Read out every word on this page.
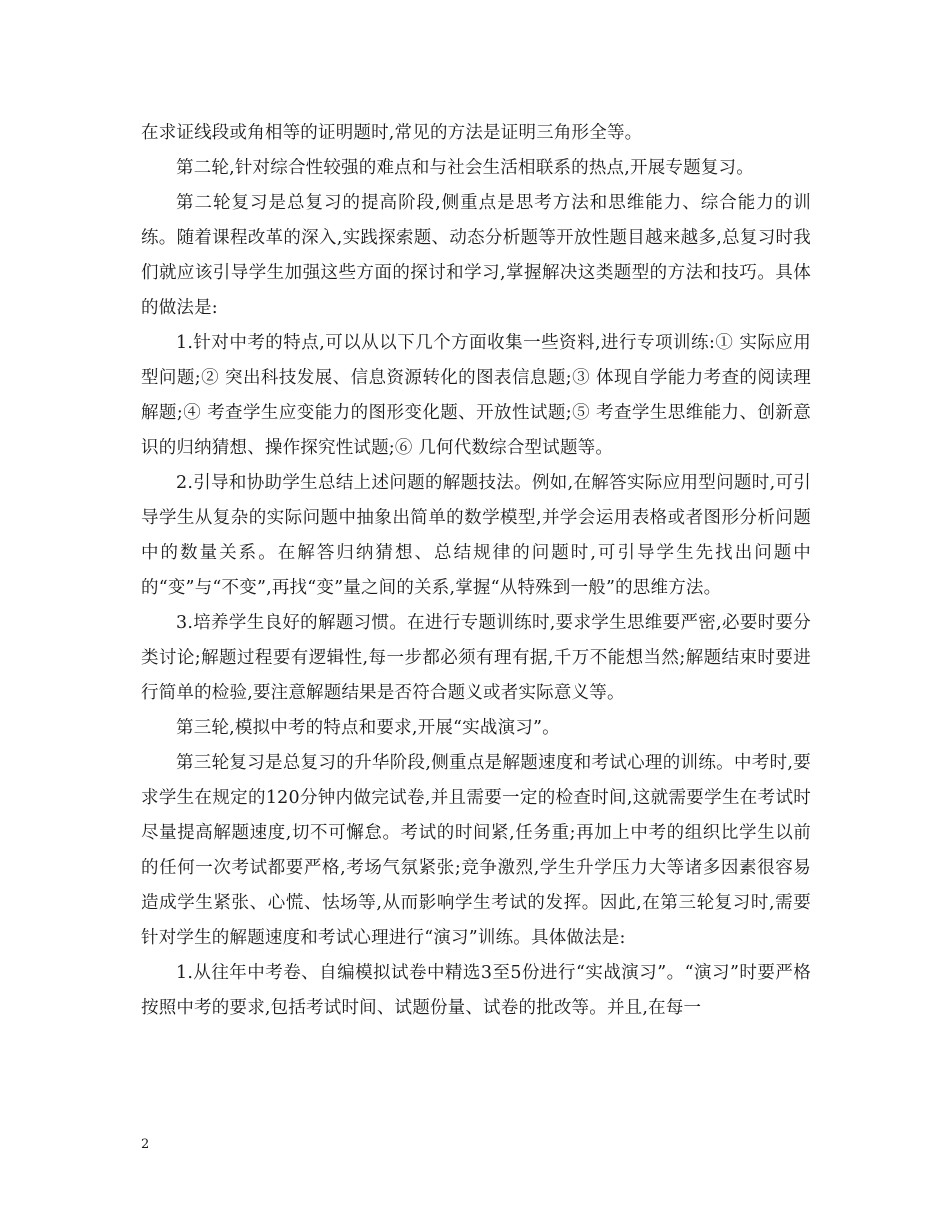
在求证线段或角相等的证明题时,常见的方法是证明三角形全等。

第二轮,针对综合性较强的难点和与社会生活相联系的热点,开展专题复习。

第二轮复习是总复习的提高阶段,侧重点是思考方法和思维能力、综合能力的训练。随着课程改革的深入,实践探索题、动态分析题等开放性题目越来越多,总复习时我们就应该引导学生加强这些方面的探讨和学习,掌握解决这类题型的方法和技巧。具体的做法是:

1.针对中考的特点,可以从以下几个方面收集一些资料,进行专项训练:① 实际应用型问题;② 突出科技发展、信息资源转化的图表信息题;③ 体现自学能力考查的阅读理解题;④ 考查学生应变能力的图形变化题、开放性试题;⑤ 考查学生思维能力、创新意识的归纳猜想、操作探究性试题;⑥ 几何代数综合型试题等。

2.引导和协助学生总结上述问题的解题技法。例如,在解答实际应用型问题时,可引导学生从复杂的实际问题中抽象出简单的数学模型,并学会运用表格或者图形分析问题中的数量关系。在解答归纳猜想、总结规律的问题时,可引导学生先找出问题中的“变”与“不变”,再找“变”量之间的关系,掌握“从特殊到一般”的思维方法。

3.培养学生良好的解题习惯。在进行专题训练时,要求学生思维要严密,必要时要分类讨论;解题过程要有逻辑性,每一步都必须有理有据,千万不能想当然;解题结束时要进行简单的检验,要注意解题结果是否符合题义或者实际意义等。

第三轮,模拟中考的特点和要求,开展“实战演习”。

第三轮复习是总复习的升华阶段,侧重点是解题速度和考试心理的训练。中考时,要求学生在规定的120分钟内做完试卷,并且需要一定的检查时间,这就需要学生在考试时尽量提高解题速度,切不可懈怠。考试的时间紧,任务重;再加上中考的组织比学生以前的任何一次考试都要严格,考场气氛紧张;竞争激烈,学生升学压力大等诸多因素很容易造成学生紧张、心慌、怯场等,从而影响学生考试的发挥。因此,在第三轮复习时,需要针对学生的解题速度和考试心理进行“演习”训练。具体做法是:

1.从往年中考卷、自编模拟试卷中精选3至5份进行“实战演习”。“演习”时要严格按照中考的要求,包括考试时间、试题份量、试卷的批改等。并且,在每一

2
